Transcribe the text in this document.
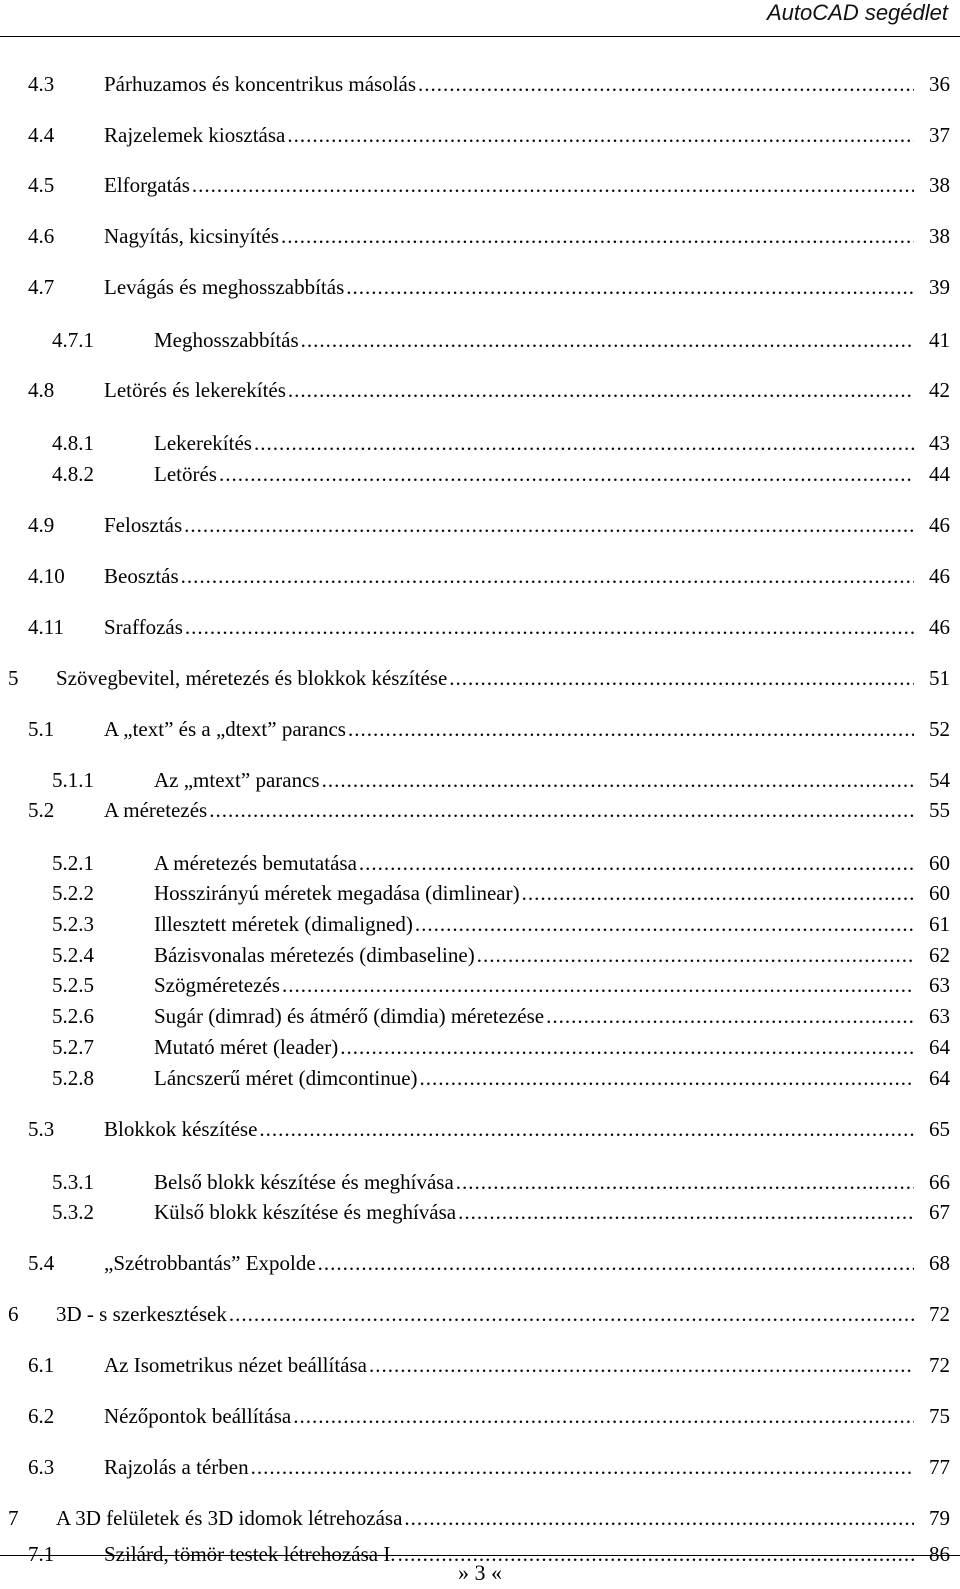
AutoCAD segédlet
4.3 Párhuzamos és koncentrikus másolás .....	36
4.4 Rajzelemek kiosztása .....	37
4.5 Elforgatás .....	38
4.6 Nagyítás, kicsinyítés .....	38
4.7 Levágás és meghosszabbítás .....	39
4.7.1	Meghosszabbítás .....	41
4.8 Letörés és lekerekítés .....	42
4.8.1	Lekerekítés .....	43
4.8.2	Letörés .....	44
4.9 Felosztás .....	46
4.10 Beosztás .....	46
4.11 Sraffozás .....	46
5 Szövegbevitel, méretezés és blokkok készítése .....	51
5.1 A „text” és a „dtext” parancs .....	52
5.1.1	Az „mtext” parancs .....	54
5.2 A méretezés .....	55
5.2.1	A méretezés bemutatása .....	60
5.2.2	Hosszirányú méretek megadása (dimlinear) .....	60
5.2.3	Illesztett méretek (dimaligned) .....	61
5.2.4	Bázisvonalas méretezés (dimbaseline) .....	62
5.2.5	Szögméretezés .....	63
5.2.6	Sugár (dimrad) és átmérő (dimdia) méretezése .....	63
5.2.7	Mutató méret (leader) .....	64
5.2.8	Láncszerű méret (dimcontinue) .....	64
5.3 Blokkok készítése .....	65
5.3.1	Belső blokk készítése és meghívása .....	66
5.3.2	Külső blokk készítése és meghívása .....	67
5.4 „Szétrobbantás” Expolde .....	68
6 3D - s szerkesztések .....	72
6.1 Az Isometrikus nézet beállítása .....	72
6.2 Nézőpontok beállítása .....	75
6.3 Rajzolás a térben .....	77
7 A 3D felületek és 3D idomok létrehozása .....	79
7.1 Szilárd, tömör testek létrehozása I. .....	86
» 3 «
